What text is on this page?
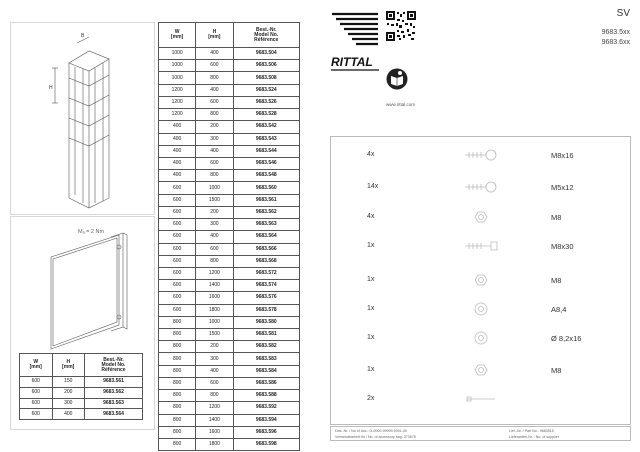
H
B
Mₐ = 2 Nm
W
[mm]	H
[mm]	Best.-Nr.
Model No.
Référence
1000	400	9683.504
1000	600	9683.506
1000	800	9683.508
1200	400	9683.524
1200	600	9683.526
1200	800	9683.528
400	200	9683.542
400	300	9683.543
400	400	9683.544
400	600	9683.546
400	800	9683.548
600	1000	9683.560
600	1500	9683.561
600	200	9683.562
600	300	9683.563
600	400	9683.564
600	600	9683.566
600	800	9683.568
600	1200	9683.572
600	1400	9683.574
600	1600	9683.576
600	1800	9683.578
800	1000	9683.580
800	1500	9683.581
800	200	9683.582
800	300	9683.583
800	400	9683.584
800	600	9683.586
800	800	9683.588
800	1200	9683.592
800	1400	9683.594
800	1600	9683.596
800	1800	9683.598
W
[mm]	H
[mm]	Best.-Nr.
Model No.
Référence
600	150	9683.561
600	200	9683.562
600	300	9683.563
600	400	9683.564
RITTAL
www.rittal.com
SV
9683.5xx
9683.6xx
4x	M8x16
14x	M5x12
4x	M8
1x	M8x30
1x	M8
1x	A8,4
1x	Ø 8,2x16
1x	M8
2x
Dok.-Nr. / No of doc.: D-0000-99999-0001-00
Verwendbarkeit für / No. of accessory bag: 373678
Lief.-Nr. / Part No.: 9683515
Lieferanten-Nr. / No. of supplier
